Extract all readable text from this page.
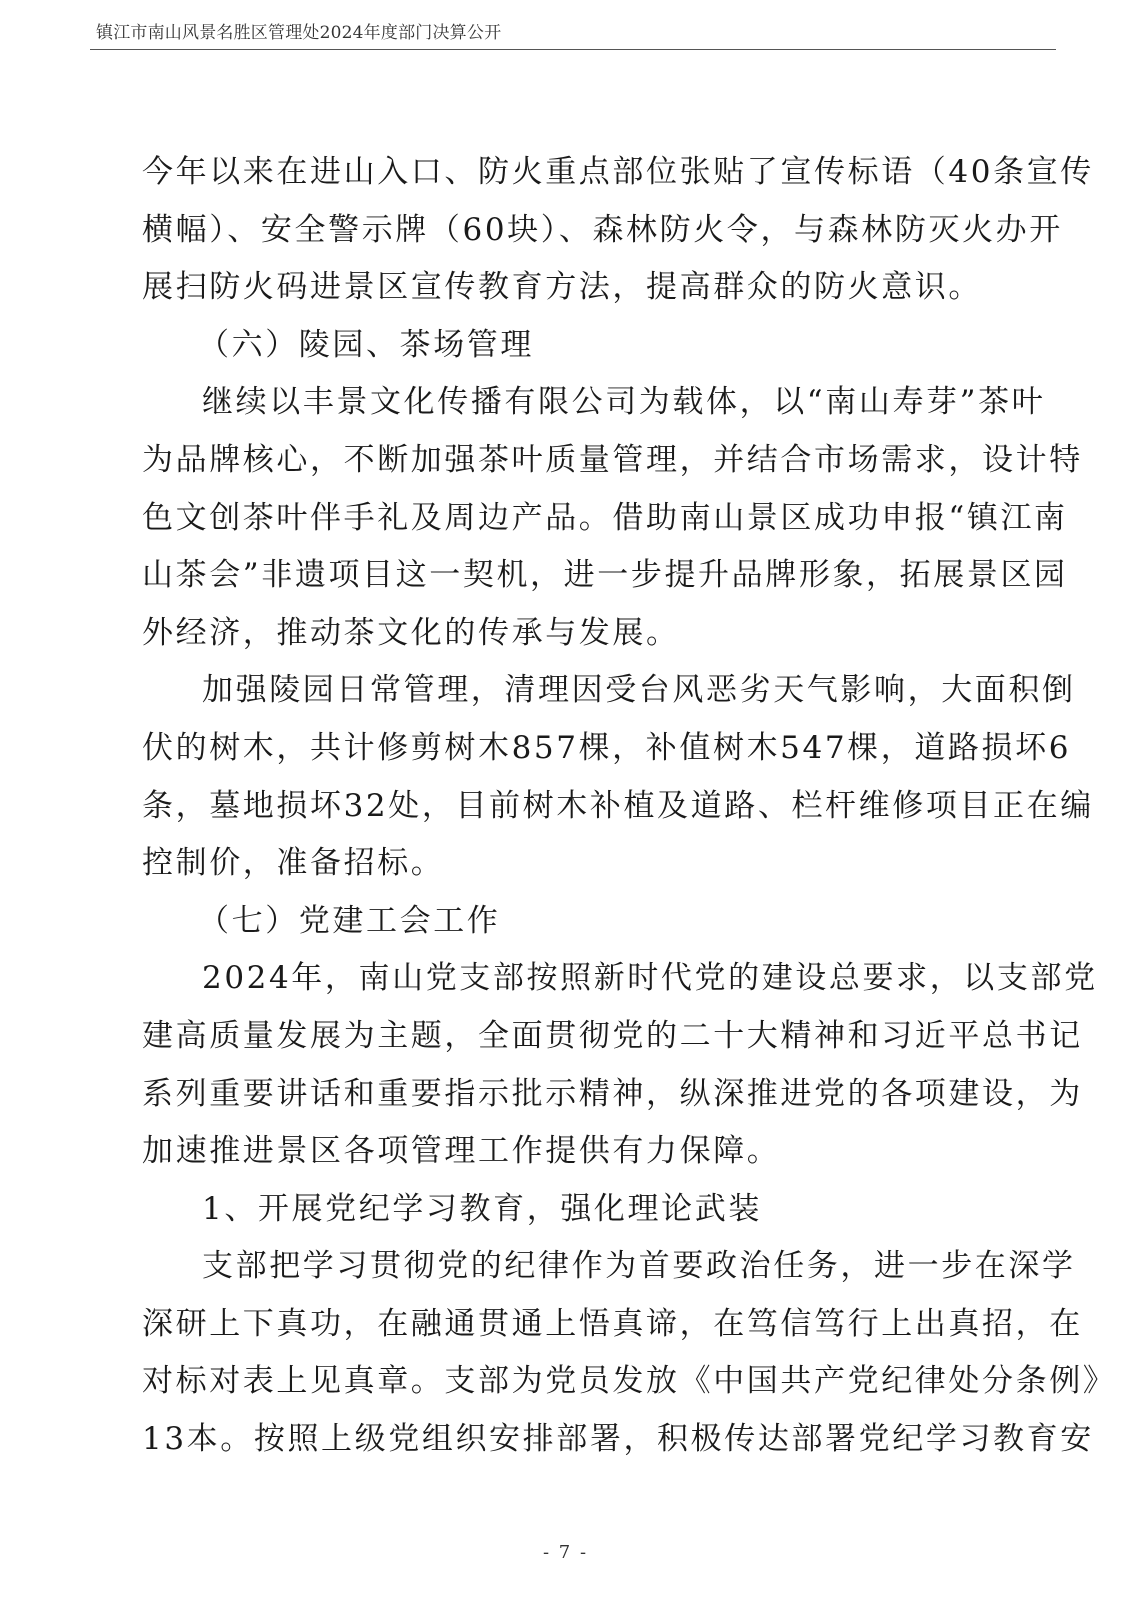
镇江市南山风景名胜区管理处2024年度部门决算公开
今年以来在进山入口、防火重点部位张贴了宣传标语（40条宣传
横幅）、安全警示牌（60块）、森林防火令，与森林防灭火办开
展扫防火码进景区宣传教育方法，提高群众的防火意识。
（六）陵园、茶场管理
继续以丰景文化传播有限公司为载体，以“南山寿芽”茶叶
为品牌核心，不断加强茶叶质量管理，并结合市场需求，设计特
色文创茶叶伴手礼及周边产品。借助南山景区成功申报“镇江南
山茶会”非遗项目这一契机，进一步提升品牌形象，拓展景区园
外经济，推动茶文化的传承与发展。
加强陵园日常管理，清理因受台风恶劣天气影响，大面积倒
伏的树木，共计修剪树木857棵，补值树木547棵，道路损坏6
条，墓地损坏32处，目前树木补植及道路、栏杆维修项目正在编
控制价，准备招标。
（七）党建工会工作
2024年，南山党支部按照新时代党的建设总要求，以支部党
建高质量发展为主题，全面贯彻党的二十大精神和习近平总书记
系列重要讲话和重要指示批示精神，纵深推进党的各项建设，为
加速推进景区各项管理工作提供有力保障。
1、开展党纪学习教育，强化理论武装
支部把学习贯彻党的纪律作为首要政治任务，进一步在深学
深研上下真功，在融通贯通上悟真谛，在笃信笃行上出真招，在
对标对表上见真章。支部为党员发放《中国共产党纪律处分条例》
13本。按照上级党组织安排部署，积极传达部署党纪学习教育安
- 7 -
